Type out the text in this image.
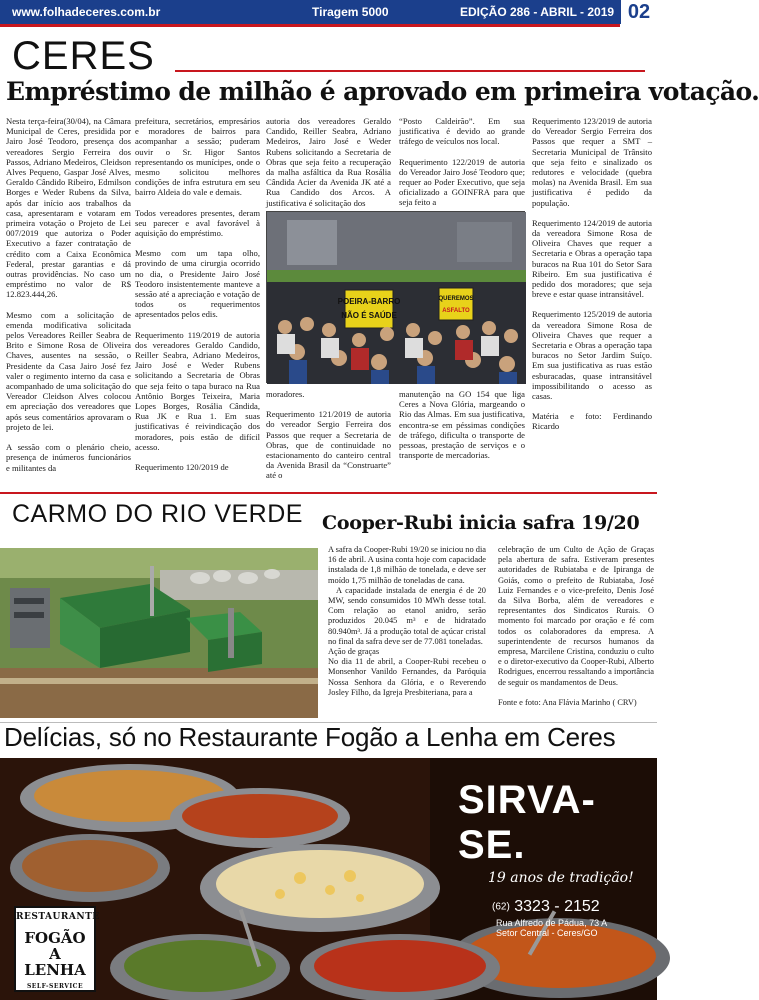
www.folhadeceres.com.br	Tiragem 5000	EDIÇÃO 286 - ABRIL - 2019 02
CERES
Empréstimo de milhão é aprovado em primeira votação.

Nesta terça-feira(30/04), na Câmara Municipal de Ceres, presidida por Jairo José Teodoro, presença dos vereadores Sergio Ferreira dos Passos, Adriano Medeiros, Cleidson Alves Pequeno, Gaspar José Alves, Geraldo Cândido Ribeiro, Edmilson Borges e Weder Rubens da Silva, após dar início aos trabalhos da casa, apresentaram e votaram em primeira votação o Projeto de Lei 007/2019 que autoriza o Poder Executivo a fazer contratação de crédito com a Caixa Econômica Federal, prestar garantias e dá outras providências. No caso um empréstimo no valor de R$ 12.823.444,26.

Mesmo com a solicitação de emenda modificativa solicitada pelos Vereadores Reiller Seabra de Brito e Simone Rosa de Oliveira Chaves, ausentes na sessão, o Presidente da Casa Jairo José fez valer o regimento interno da casa e acompanhado de uma solicitação do Vereador Cleidson Alves colocou em apreciação dos vereadores que após seus comentários aprovaram o projeto de lei.

A sessão com o plenário cheio, presença de inúmeros funcionários e militantes da

prefeitura, secretários, empresários e moradores de bairros para acompanhar a sessão; puderam ouvir o Sr. Higor Santos representando os munícipes, onde o mesmo solicitou melhores condições de infra estrutura em seu bairro Aldeia do vale e demais.

Todos vereadores presentes, deram seu parecer e aval favorável à aquisição do empréstimo.

Mesmo com um tapa olho, provindo de uma cirurgia ocorrido no dia, o Presidente Jairo José Teodoro insistentemente manteve a sessão até a apreciação e votação de todos os requerimentos apresentados pelos edis.

Requerimento 119/2019 de autoria dos vereadores Geraldo Candido, Reiller Seabra, Adriano Medeiros, Jairo José e Weder Rubens solicitando a Secretaria de Obras que seja feito o tapa buraco na Rua Antônio Borges Teixeira, Maria Lopes Borges, Rosália Cândida, Rua JK e Rua 1. Em suas justificativas é reivindicação dos moradores, pois estão de difícil acesso.

Requerimento 120/2019 de

autoria dos vereadores Geraldo Candido, Reiller Seabra, Adriano Medeiros, Jairo José e Weder Rubens solicitando a Secretaria de Obras que seja feito a recuperação da malha asfáltica da Rua Rosália Cândida Acier da Avenida JK até a Rua Candido dos Arcos. A justificativa é solicitação dos

“Posto Caldeirão”. Em sua justificativa é devido ao grande tráfego de veículos nos local.

Requerimento 122/2019 de autoria do Vereador Jairo José Teodoro que; requer ao Poder Executivo, que seja oficializado a GOINFRA para que seja feito a

POEIRA-BARRO
NÃO É SAÚDE
QUEREMOS
ASFALTO

moradores.

Requerimento 121/2019 de autoria do vereador Sergio Ferreira dos Passos que requer a Secretaria de Obras, que de continuidade no estacionamento do canteiro central da Avenida Brasil da “Construarte” até o

manutenção na GO 154 que liga Ceres a Nova Glória, margeando o Rio das Almas. Em sua justificativa, encontra-se em péssimas condições de tráfego, dificulta o transporte de pessoas, prestação de serviços e o transporte de mercadorias.

Requerimento 123/2019 de autoria do Vereador Sergio Ferreira dos Passos que requer a SMT – Secretaria Municipal de Trânsito que seja feito e sinalizado os redutores e velocidade (quebra molas) na Avenida Brasil. Em sua justificativa é pedido da população.

Requerimento 124/2019 de autoria da vereadora Simone Rosa de Oliveira Chaves que requer a Secretaria e Obras a operação tapa buracos na Rua 101 do Setor Sara Ribeiro. Em sua justificativa é pedido dos moradores; que seja breve e estar quase intransitável.

Requerimento 125/2019 de autoria da vereadora Simone Rosa de Oliveira Chaves que requer a Secretaria e Obras a operação tapa buracos no Setor Jardim Suíço. Em sua justificativa as ruas estão esburacadas, quase intransitável impossibilitando o acesso as casas.

Matéria e foto: Ferdinando Ricardo

CARMO DO RIO VERDE Cooper-Rubi inicia safra 19/20

A safra da Cooper-Rubi 19/20 se iniciou no dia 16 de abril. A usina conta hoje com capacidade instalada de 1,8 milhão de tonelada, e deve ser moído 1,75 milhão de toneladas de cana.

A capacidade instalada de energia é de 20 MW, sendo consumidos 10 MWh desse total. Com relação ao etanol anidro, serão produzidos 20.045 m³ e de hidratado 80.940m³. Já a produção total de açúcar cristal no final da safra deve ser de 77.081 toneladas.

Ação de graças

No dia 11 de abril, a Cooper-Rubi recebeu o Monsenhor Vanildo Fernandes, da Paróquia Nossa Senhora da Glória, e o Reverendo Josley Filho, da Igreja Presbiteriana, para a

celebração de um Culto de Ação de Graças pela abertura de safra. Estiveram presentes autoridades de Rubiataba e de Ipiranga de Goiás, como o prefeito de Rubiataba, José Luiz Fernandes e o vice-prefeito, Denis José da Silva Borba, além de vereadores e representantes dos Sindicatos Rurais. O momento foi marcado por oração e fé com todos os colaboradores da empresa. A superintendente de recursos humanos da empresa, Marcilene Cristina, conduziu o culto e o diretor-executivo da Cooper-Rubi, Alberto Rodrigues, encerrou ressaltando a importância de seguir os mandamentos de Deus.

Fonte e foto: Ana Flávia Marinho ( CRV)

Delícias, só no Restaurante Fogão a Lenha em Ceres
SIRVA-SE.
19 anos de tradição!
(62) 3323 - 2152
Rua Alfredo de Pádua, 73 A
Setor Central - Ceres/GO
RESTAURANTE
FOGÃO A
LENHA
SELF-SERVICE
